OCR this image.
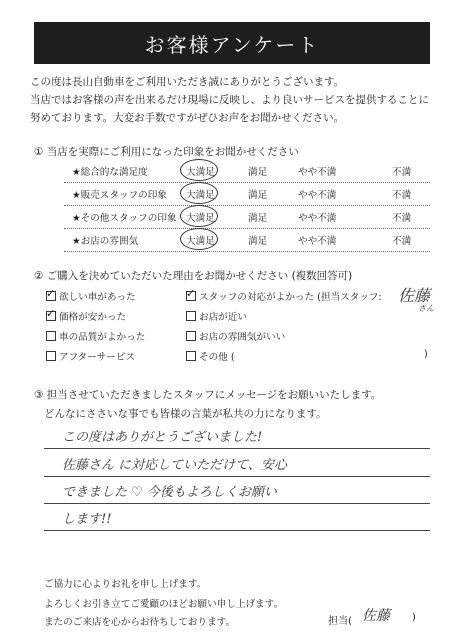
お客様アンケート
この度は長山自動車をご利用いただき誠にありがとうございます。
当店ではお客様の声を出来るだけ現場に反映し、より良いサービスを提供することに
努めております。大変お手数ですがぜひお声をお聞かせください。
① 当店を実際にご利用になった印象をお聞かせください
★総合的な満足度	大満足	満足	やや不満	不満
★販売スタッフの印象 大満足	満足	やや不満	不満
★その他スタッフの印象 大満足	満足	やや不満	不満
★お店の雰囲気	大満足	満足	やや不満	不満
② ご購入を決めていただいた理由をお聞かせください (複数回答可)
✓欲しい車があった
✓	スタッフの対応がよかった (担当スタッフ: 佐藤
さん
✓価格が安かった	お店が近い
車の品質がよかった	お店の雰囲気がいい
アフターサービス	その他 (	)
③ 担当させていただきましたスタッフにメッセージをお願いいたします。
どんなにささいな事でも皆様の言葉が私共の力になります。
この度はありがとうございました!
佐藤さん に対応していただけて、安心
できました ♡ 今後もよろしくお願い
します!!
ご協力に心よりお礼を申し上げます。
よろしくお引き立てご愛顧のほどお願い申し上げます。
またのご来店を心からお待ちしております。	担当( 佐藤 )
